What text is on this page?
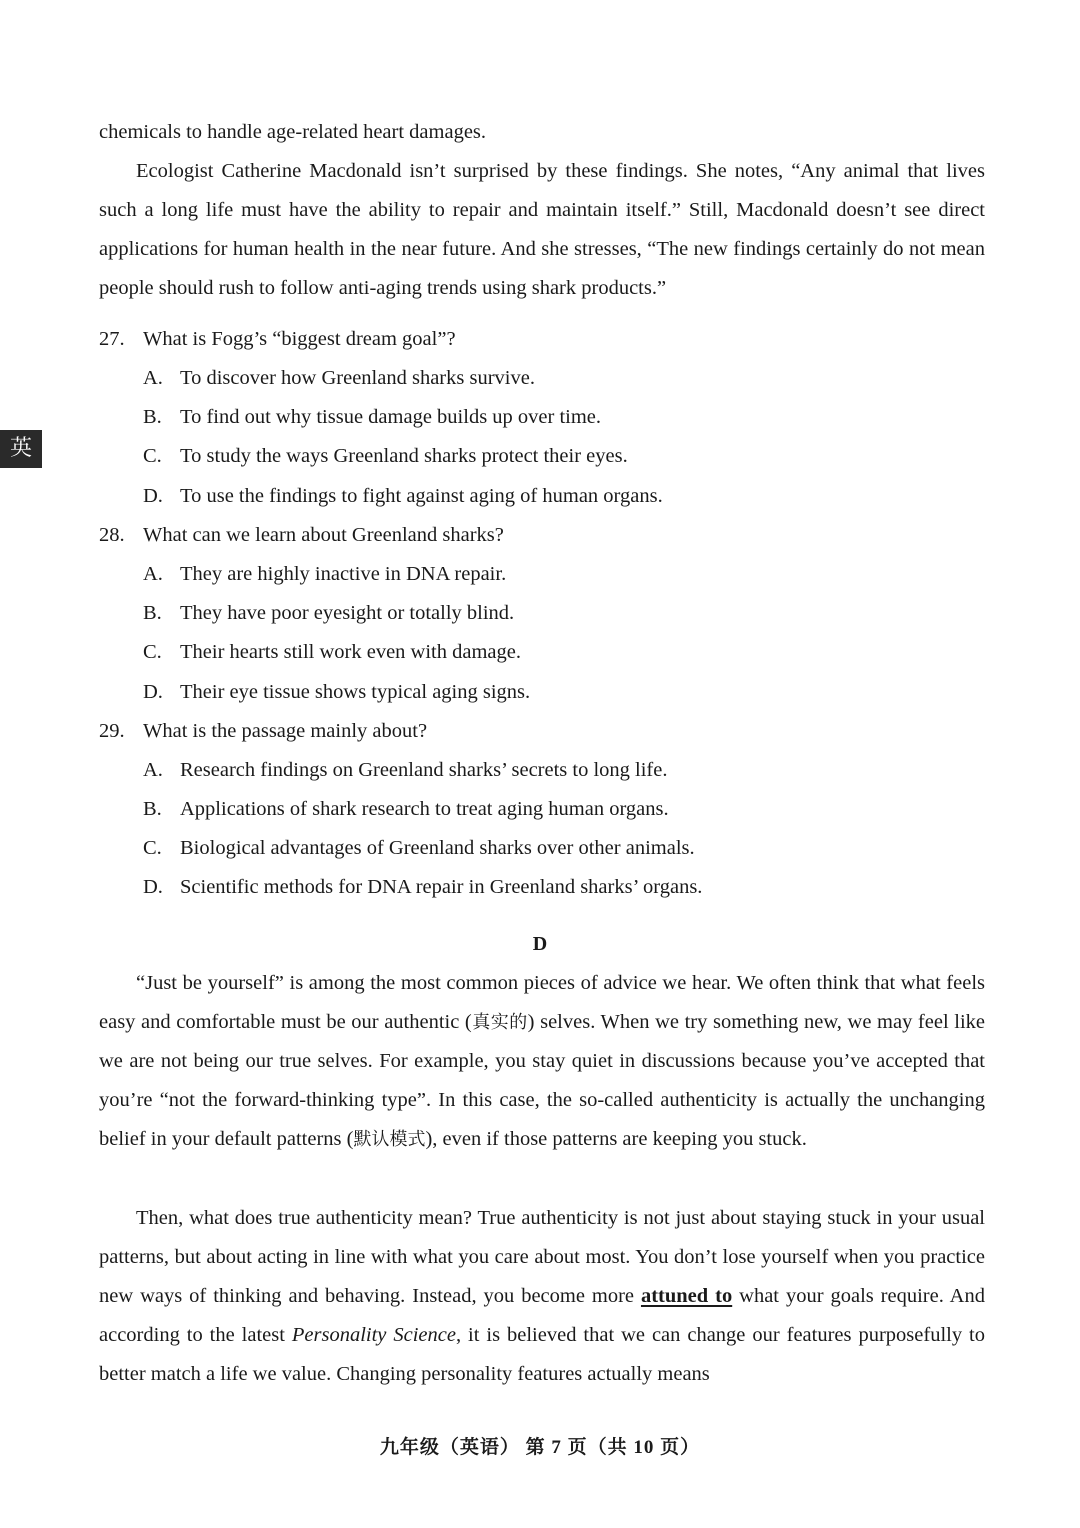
英

chemicals to handle age-related heart damages.

Ecologist Catherine Macdonald isn’t surprised by these findings. She notes, “Any animal that lives such a long life must have the ability to repair and maintain itself.” Still, Macdonald doesn’t see direct applications for human health in the near future. And she stresses, “The new findings certainly do not mean people should rush to follow anti-aging trends using shark products.”

27. What is Fogg’s “biggest dream goal”?
A. To discover how Greenland sharks survive.
B. To find out why tissue damage builds up over time.
C. To study the ways Greenland sharks protect their eyes.
D. To use the findings to fight against aging of human organs.
28. What can we learn about Greenland sharks?
A. They are highly inactive in DNA repair.
B. They have poor eyesight or totally blind.
C. Their hearts still work even with damage.
D. Their eye tissue shows typical aging signs.
29. What is the passage mainly about?
A. Research findings on Greenland sharks’ secrets to long life.
B. Applications of shark research to treat aging human organs.
C. Biological advantages of Greenland sharks over other animals.
D. Scientific methods for DNA repair in Greenland sharks’ organs.
D

“Just be yourself” is among the most common pieces of advice we hear. We often think that what feels easy and comfortable must be our authentic (真实的) selves. When we try something new, we may feel like we are not being our true selves. For example, you stay quiet in discussions because you’ve accepted that you’re “not the forward-thinking type”. In this case, the so-called authenticity is actually the unchanging belief in your default patterns (默认模式), even if those patterns are keeping you stuck.

Then, what does true authenticity mean? True authenticity is not just about staying stuck in your usual patterns, but about acting in line with what you care about most. You don’t lose yourself when you practice new ways of thinking and behaving. Instead, you become more attuned to what your goals require. And according to the latest Personality Science, it is believed that we can change our features purposefully to better match a life we value. Changing personality features actually means

九年级（英语） 第 7 页（共 10 页）
